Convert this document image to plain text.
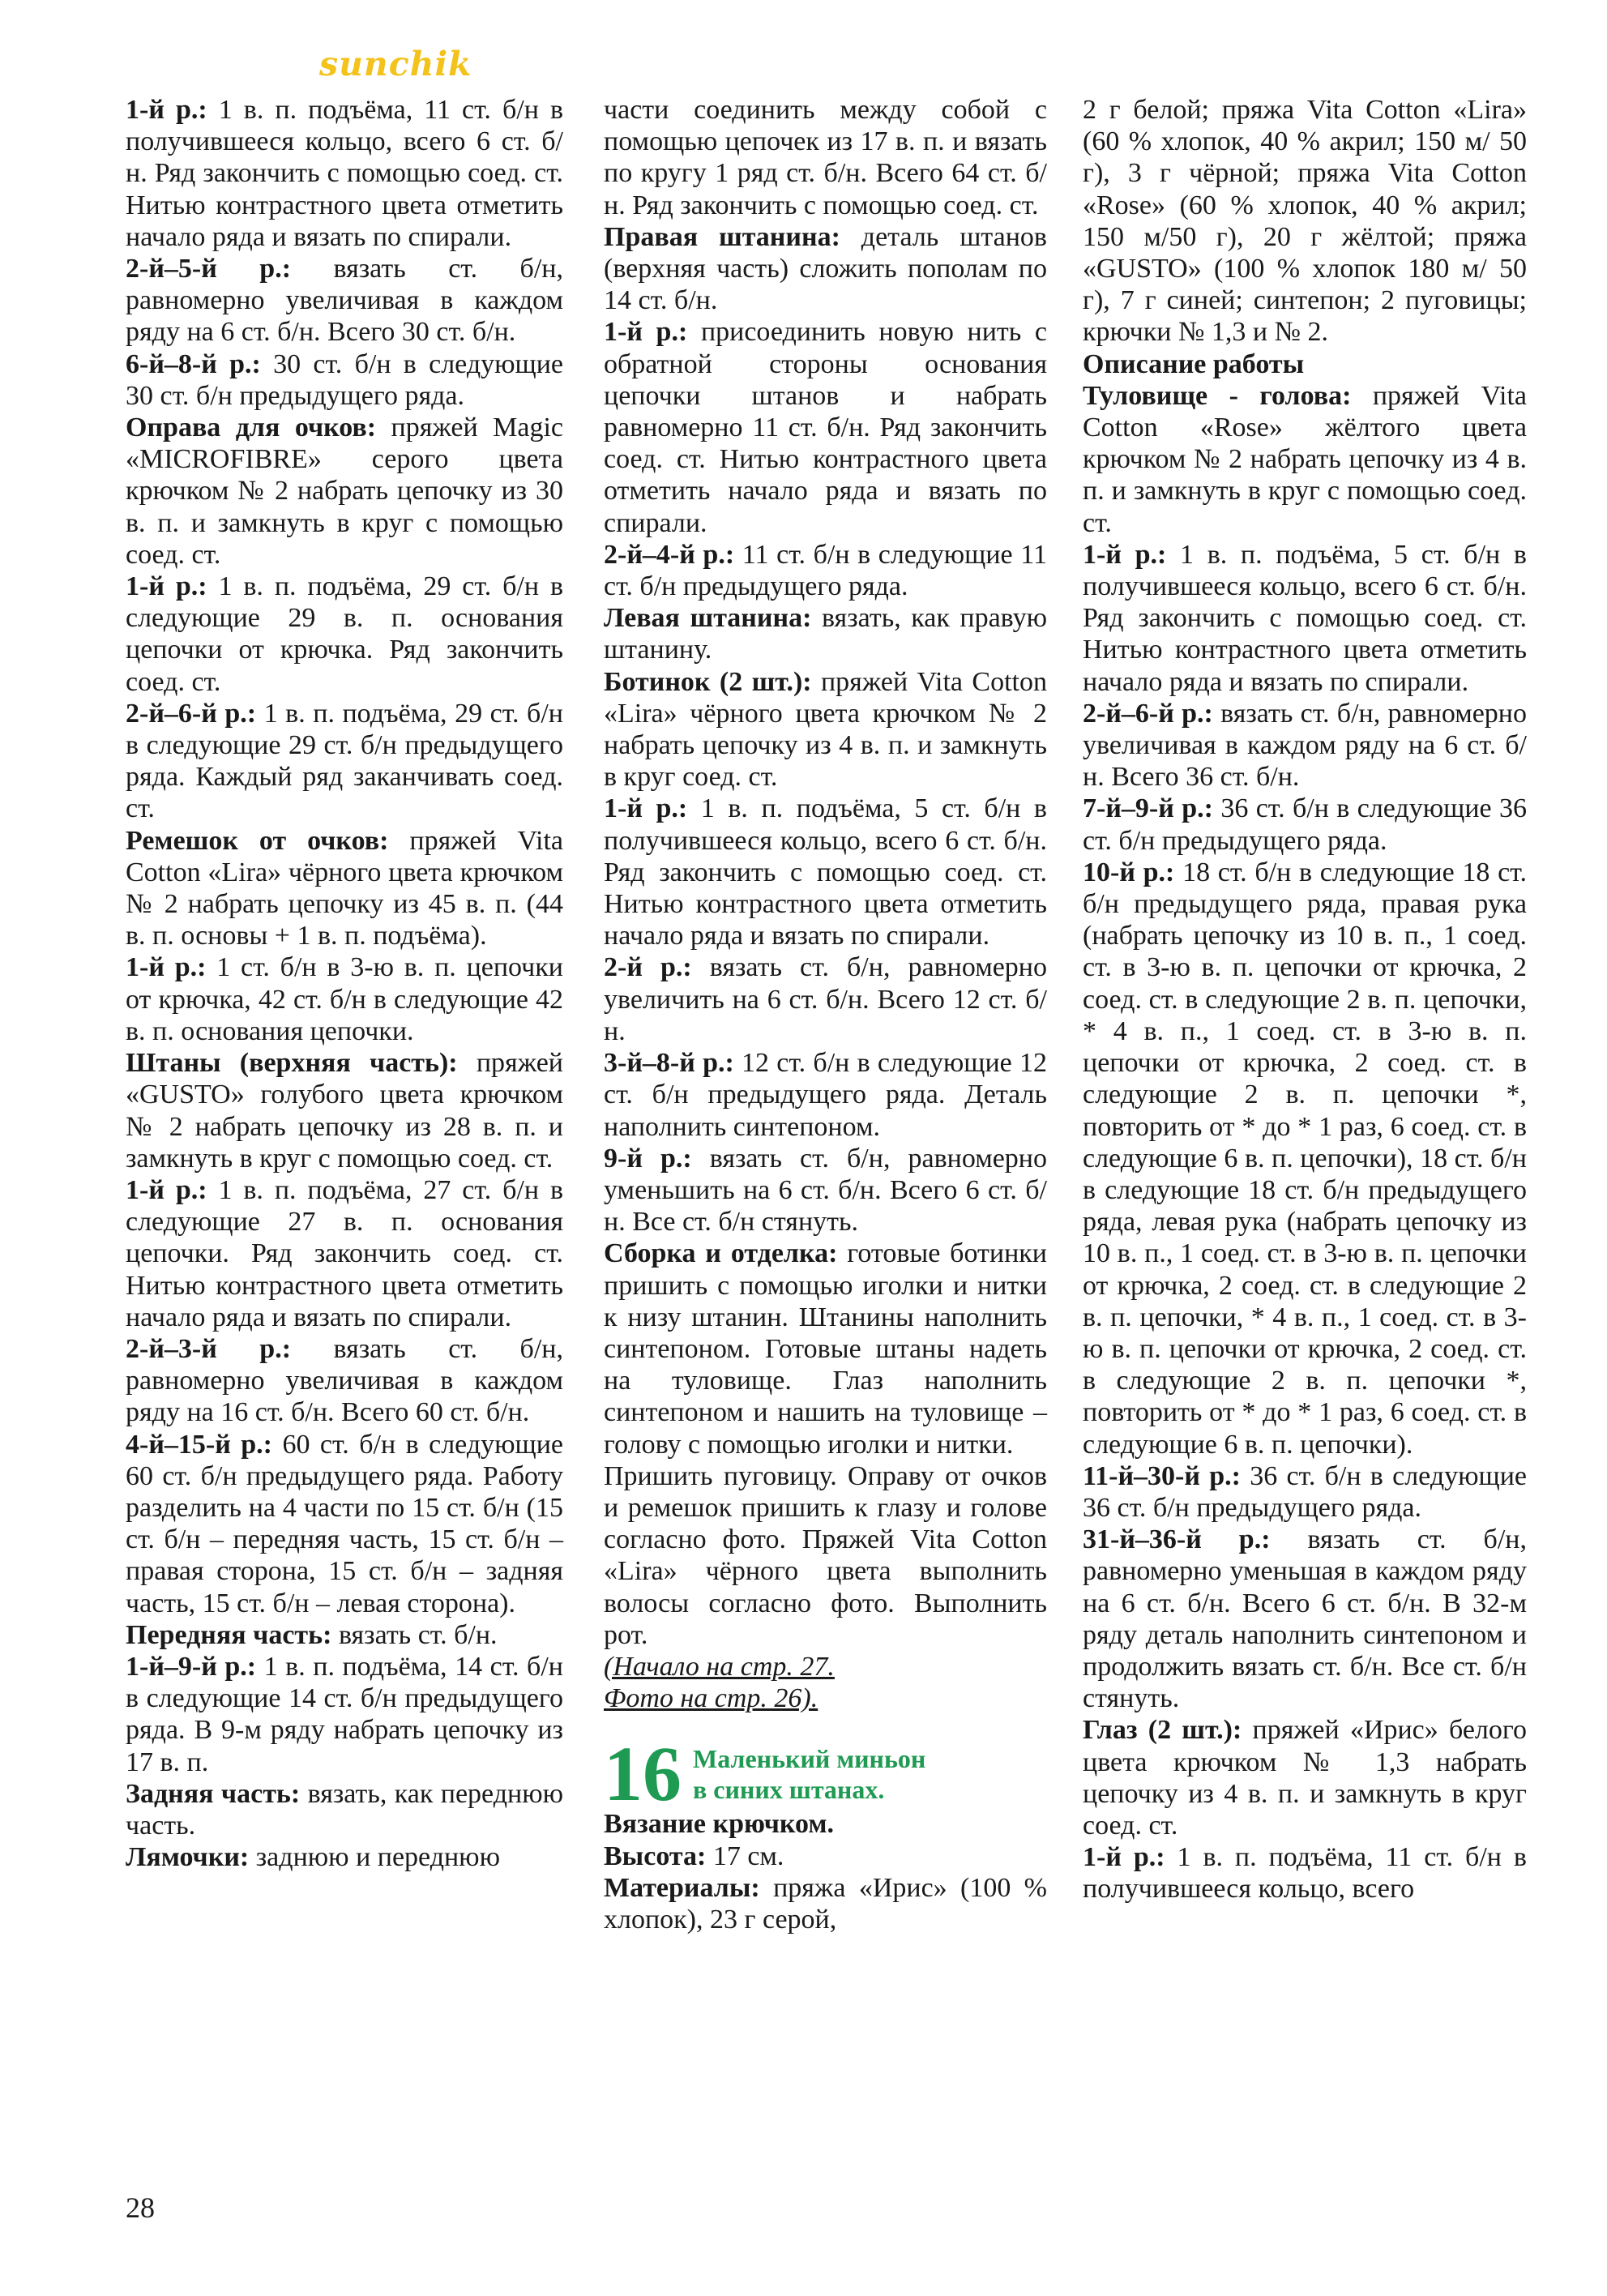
sunchik

1-й р.: 1 в. п. подъёма, 11 ст. б/н в получившееся кольцо, всего 6 ст. б/н. Ряд закончить с помощью соед. ст. Нитью контрастного цвета отметить начало ряда и вязать по спирали.

2-й–5-й р.: вязать ст. б/н, равномерно увеличивая в каждом ряду на 6 ст. б/н. Всего 30 ст. б/н.

6-й–8-й р.: 30 ст. б/н в следующие 30 ст. б/н предыдущего ряда.

Оправа для очков: пряжей Magic «MICROFIBRE» серого цвета крючком № 2 набрать цепочку из 30 в. п. и замкнуть в круг с помощью соед. ст.

1-й р.: 1 в. п. подъёма, 29 ст. б/н в следующие 29 в. п. основания цепочки от крючка. Ряд закончить соед. ст.

2-й–6-й р.: 1 в. п. подъёма, 29 ст. б/н в следующие 29 ст. б/н предыдущего ряда. Каждый ряд заканчивать соед. ст.

Ремешок от очков: пряжей Vita Cotton «Lira» чёрного цвета крючком № 2 набрать цепочку из 45 в. п. (44 в. п. основы + 1 в. п. подъёма).

1-й р.: 1 ст. б/н в 3-ю в. п. цепочки от крючка, 42 ст. б/н в следующие 42 в. п. основания цепочки.

Штаны (верхняя часть): пряжей «GUSTO» голубого цвета крючком № 2 набрать цепочку из 28 в. п. и замкнуть в круг с помощью соед. ст.

1-й р.: 1 в. п. подъёма, 27 ст. б/н в следующие 27 в. п. основания цепочки. Ряд закончить соед. ст. Нитью контрастного цвета отметить начало ряда и вязать по спирали.

2-й–3-й р.: вязать ст. б/н, равномерно увеличивая в каждом ряду на 16 ст. б/н. Всего 60 ст. б/н.

4-й–15-й р.: 60 ст. б/н в следующие 60 ст. б/н предыдущего ряда. Работу разделить на 4 части по 15 ст. б/н (15 ст. б/н – передняя часть, 15 ст. б/н – правая сторона, 15 ст. б/н – задняя часть, 15 ст. б/н – левая сторона).

Передняя часть: вязать ст. б/н.

1-й–9-й р.: 1 в. п. подъёма, 14 ст. б/н в следующие 14 ст. б/н предыдущего ряда. В 9-м ряду набрать цепочку из 17 в. п.

Задняя часть: вязать, как переднюю часть.

Лямочки: заднюю и переднюю

части соединить между собой с помощью цепочек из 17 в. п. и вязать по кругу 1 ряд ст. б/н. Всего 64 ст. б/н. Ряд закончить с помощью соед. ст.

Правая штанина: деталь штанов (верхняя часть) сложить пополам по 14 ст. б/н.

1-й р.: присоединить новую нить с обратной стороны основания цепочки штанов и набрать равномерно 11 ст. б/н. Ряд закончить соед. ст. Нитью контрастного цвета отметить начало ряда и вязать по спирали.

2-й–4-й р.: 11 ст. б/н в следующие 11 ст. б/н предыдущего ряда.

Левая штанина: вязать, как правую штанину.

Ботинок (2 шт.): пряжей Vita Cotton «Lira» чёрного цвета крючком № 2 набрать цепочку из 4 в. п. и замкнуть в круг соед. ст.

1-й р.: 1 в. п. подъёма, 5 ст. б/н в получившееся кольцо, всего 6 ст. б/н. Ряд закончить с помощью соед. ст. Нитью контрастного цвета отметить начало ряда и вязать по спирали.

2-й р.: вязать ст. б/н, равномерно увеличить на 6 ст. б/н. Всего 12 ст. б/н.

3-й–8-й р.: 12 ст. б/н в следующие 12 ст. б/н предыдущего ряда. Деталь наполнить синтепоном.

9-й р.: вязать ст. б/н, равномерно уменьшить на 6 ст. б/н. Всего 6 ст. б/н. Все ст. б/н стянуть.

Сборка и отделка: готовые ботинки пришить с помощью иголки и нитки к низу штанин. Штанины наполнить синтепоном. Готовые штаны надеть на туловище. Глаз наполнить синтепоном и нашить на туловище – голову с помощью иголки и нитки.

Пришить пуговицу. Оправу от очков и ремешок пришить к глазу и голове согласно фото. Пряжей Vita Cotton «Lira» чёрного цвета выполнить волосы согласно фото. Выполнить рот.

(Начало на стр. 27.

Фото на стр. 26).

16 Маленький миньон
в синих штанах.

Вязание крючком.

Высота: 17 см.

Материалы: пряжа «Ирис» (100 % хлопок), 23 г серой,

2 г белой; пряжа Vita Cotton «Lira» (60 % хлопок, 40 % акрил; 150 м/ 50 г), 3 г чёрной; пряжа Vita Cotton «Rose» (60 % хлопок, 40 % акрил; 150 м/50 г), 20 г жёлтой; пряжа «GUSTO» (100 % хлопок 180 м/ 50 г), 7 г синей; синтепон; 2 пуговицы; крючки № 1,3 и № 2.

Описание работы

Туловище - голова: пряжей Vita Cotton «Rose» жёлтого цвета крючком № 2 набрать цепочку из 4 в. п. и замкнуть в круг с помощью соед. ст.

1-й р.: 1 в. п. подъёма, 5 ст. б/н в получившееся кольцо, всего 6 ст. б/н. Ряд закончить с помощью соед. ст. Нитью контрастного цвета отметить начало ряда и вязать по спирали.

2-й–6-й р.: вязать ст. б/н, равномерно увеличивая в каждом ряду на 6 ст. б/н. Всего 36 ст. б/н.

7-й–9-й р.: 36 ст. б/н в следующие 36 ст. б/н предыдущего ряда.

10-й р.: 18 ст. б/н в следующие 18 ст. б/н предыдущего ряда, правая рука (набрать цепочку из 10 в. п., 1 соед. ст. в 3-ю в. п. цепочки от крючка, 2 соед. ст. в следующие 2 в. п. цепочки, * 4 в. п., 1 соед. ст. в 3-ю в. п. цепочки от крючка, 2 соед. ст. в следующие 2 в. п. цепочки *, повторить от * до * 1 раз, 6 соед. ст. в следующие 6 в. п. цепочки), 18 ст. б/н в следующие 18 ст. б/н предыдущего ряда, левая рука (набрать цепочку из 10 в. п., 1 соед. ст. в 3-ю в. п. цепочки от крючка, 2 соед. ст. в следующие 2 в. п. цепочки, * 4 в. п., 1 соед. ст. в 3-ю в. п. цепочки от крючка, 2 соед. ст. в следующие 2 в. п. цепочки *, повторить от * до * 1 раз, 6 соед. ст. в следующие 6 в. п. цепочки).

11-й–30-й р.: 36 ст. б/н в следующие 36 ст. б/н предыдущего ряда.

31-й–36-й р.: вязать ст. б/н, равномерно уменьшая в каждом ряду на 6 ст. б/н. Всего 6 ст. б/н. В 32-м ряду деталь наполнить синтепоном и продолжить вязать ст. б/н. Все ст. б/н стянуть.

Глаз (2 шт.): пряжей «Ирис» белого цвета крючком № 1,3 набрать цепочку из 4 в. п. и замкнуть в круг соед. ст.

1-й р.: 1 в. п. подъёма, 11 ст. б/н в получившееся кольцо, всего

28
